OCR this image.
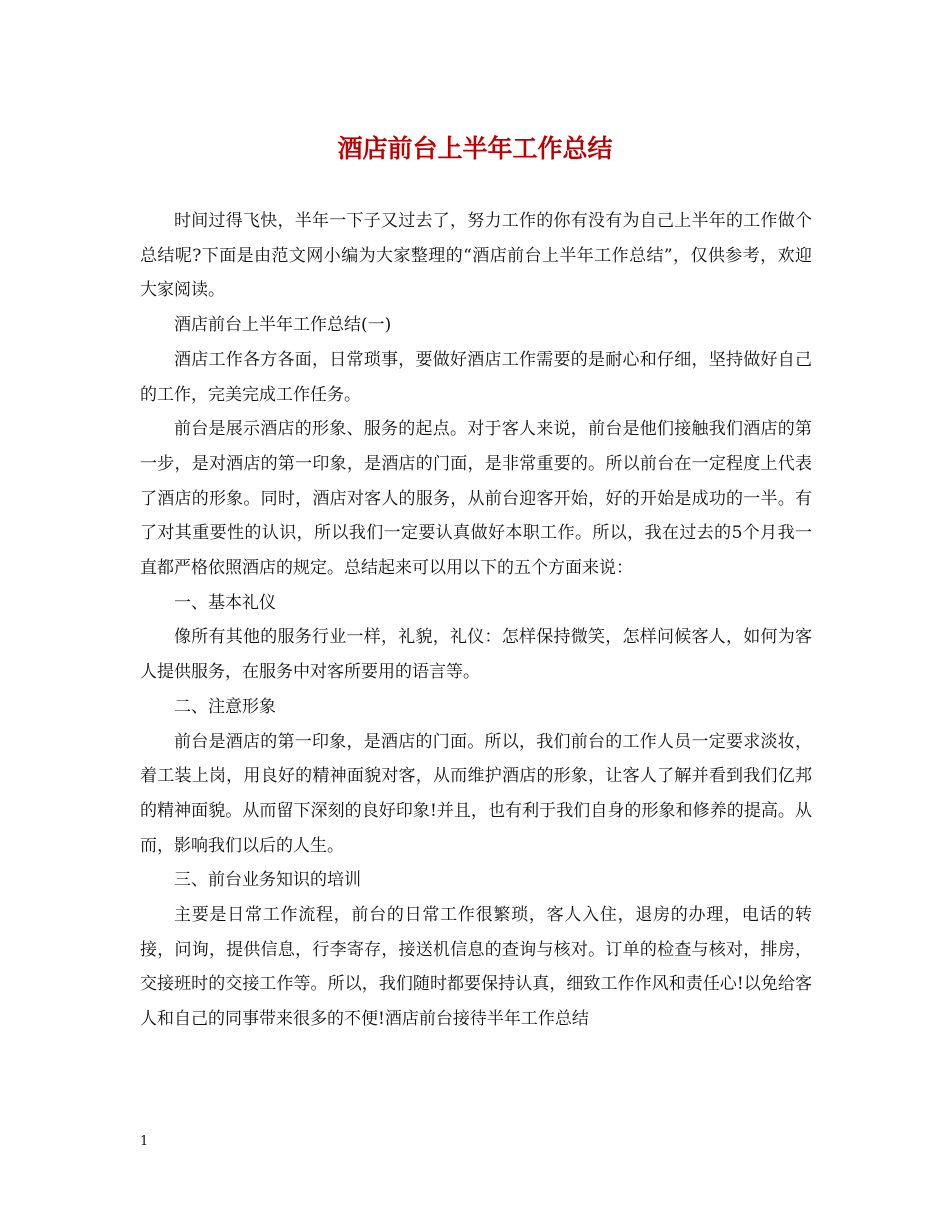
酒店前台上半年工作总结

时间过得飞快，半年一下子又过去了，努力工作的你有没有为自己上半年的工作做个总结呢?下面是由范文网小编为大家整理的“酒店前台上半年工作总结”，仅供参考，欢迎大家阅读。

酒店前台上半年工作总结(一)

酒店工作各方各面，日常琐事，要做好酒店工作需要的是耐心和仔细，坚持做好自己的工作，完美完成工作任务。

前台是展示酒店的形象、服务的起点。对于客人来说，前台是他们接触我们酒店的第一步，是对酒店的第一印象，是酒店的门面，是非常重要的。所以前台在一定程度上代表了酒店的形象。同时，酒店对客人的服务，从前台迎客开始，好的开始是成功的一半。有了对其重要性的认识，所以我们一定要认真做好本职工作。所以，我在过去的5个月我一直都严格依照酒店的规定。总结起来可以用以下的五个方面来说：

一、基本礼仪

像所有其他的服务行业一样，礼貌，礼仪：怎样保持微笑，怎样问候客人，如何为客人提供服务，在服务中对客所要用的语言等。

二、注意形象

前台是酒店的第一印象，是酒店的门面。所以，我们前台的工作人员一定要求淡妆，着工装上岗，用良好的精神面貌对客，从而维护酒店的形象，让客人了解并看到我们亿邦的精神面貌。从而留下深刻的良好印象!并且，也有利于我们自身的形象和修养的提高。从而，影响我们以后的人生。

三、前台业务知识的培训

主要是日常工作流程，前台的日常工作很繁琐，客人入住，退房的办理，电话的转接，问询，提供信息，行李寄存，接送机信息的查询与核对。订单的检查与核对，排房，交接班时的交接工作等。所以，我们随时都要保持认真，细致工作作风和责任心!以免给客人和自己的同事带来很多的不便!酒店前台接待半年工作总结

1
